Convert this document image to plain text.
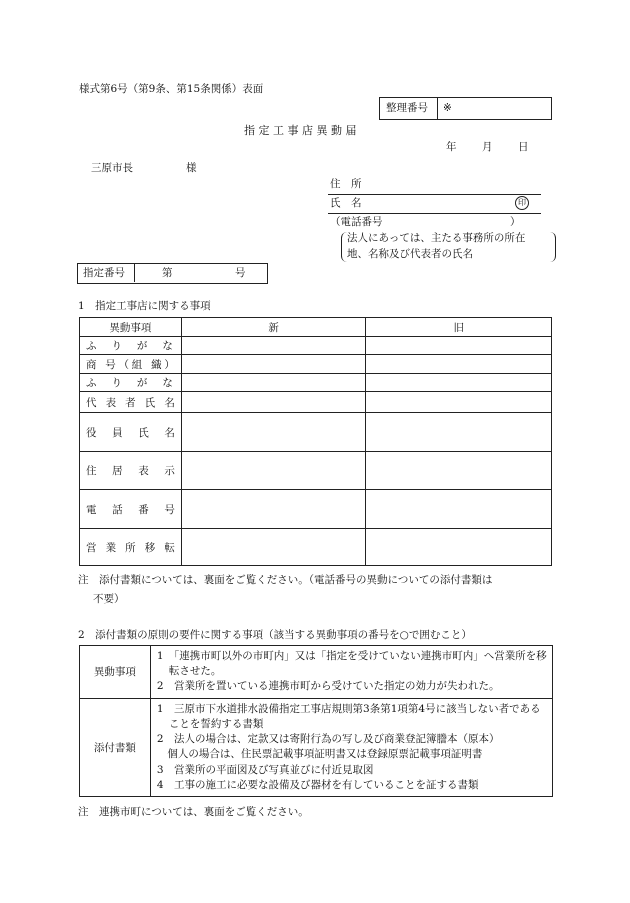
様式第6号（第9条、第15条関係）表面
整理番号 ※
指 定 工 事 店 異 動 届
年 月 日
三原市長	様
住　所
氏　名	印
（電話番号	）
法人にあっては、主たる事務所の所在
地、名称及び代表者の氏名
指定番号	第	号
1　指定工事店に関する事項
異動事項	新	旧

ふ り が な		

商 号（組 織）		

ふ り が な		

代 表 者 氏 名		

役　員　氏　名		

住　居　表　示		

電　話　番　号		

営 業 所 移 転		

注　添付書類については、裏面をご覧ください。（電話番号の異動についての添付書類は
不要）
2　添付書類の原則の要件に関する事項（該当する異動事項の番号を○で囲むこと）
異動事項	1　「連携市町以外の市町内」又は「指定を受けていない連携市町内」へ営業所を移転させた。
2　営業所を置いている連携市町から受けていた指定の効力が失われた。

添付書類	1　三原市下水道排水設備指定工事店規則第3条第1項第4号に該当しない者であることを誓約する書類
2　法人の場合は、定款又は寄附行為の写し及び商業登記簿謄本（原本）
　個人の場合は、住民票記載事項証明書又は登録原票記載事項証明書
3　営業所の平面図及び写真並びに付近見取図
4　工事の施工に必要な設備及び器材を有していることを証する書類
注　連携市町については、裏面をご覧ください。
